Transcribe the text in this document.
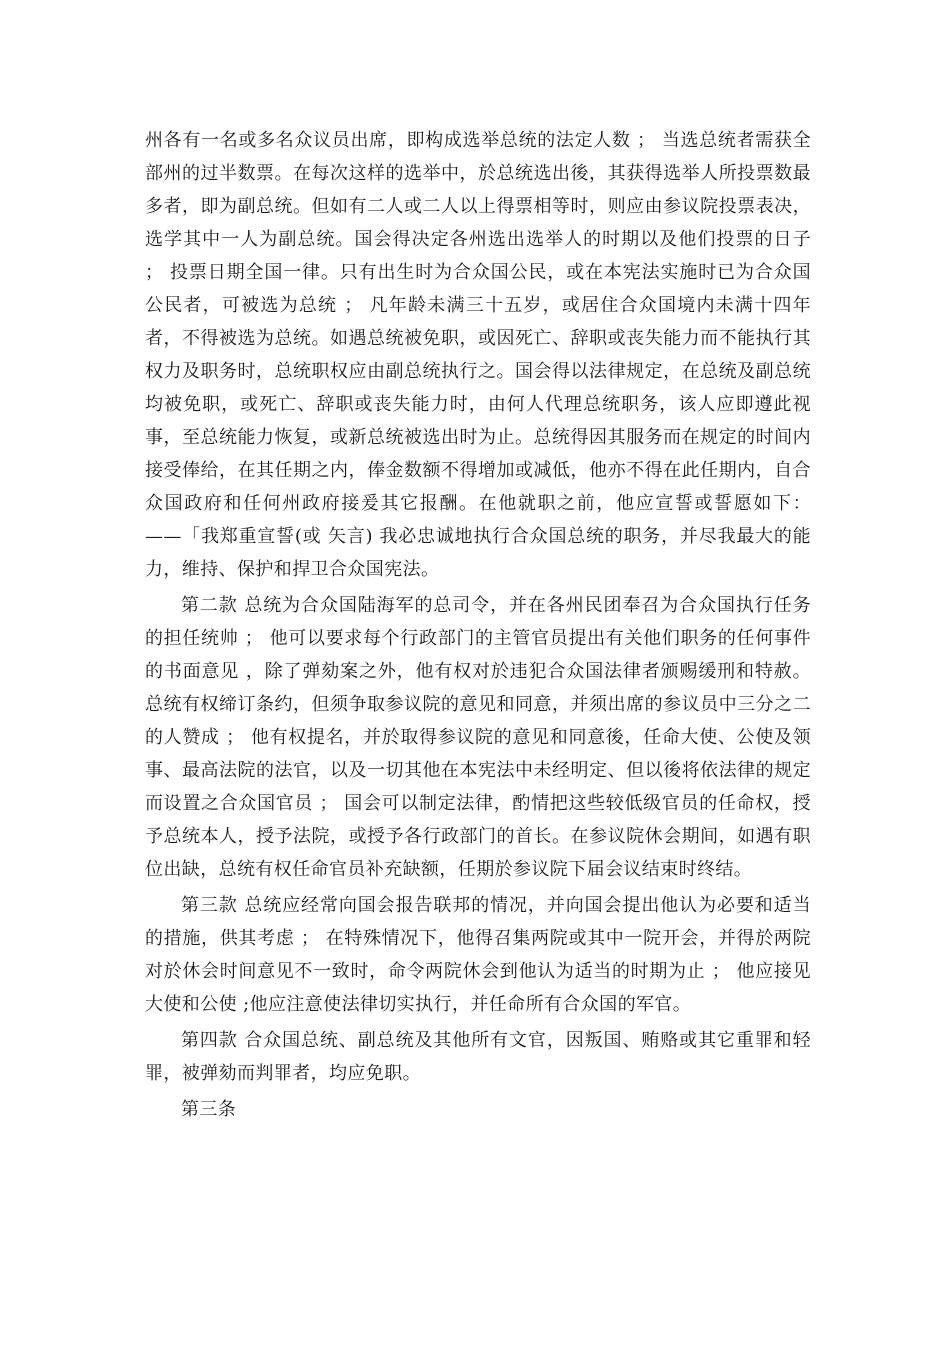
州各有一名或多名众议员出席，即构成选举总统的法定人数 ； 当选总统者需获全部州的过半数票。在每次这样的选举中，於总统选出後，其获得选举人所投票数最多者，即为副总统。但如有二人或二人以上得票相等时，则应由参议院投票表决，选学其中一人为副总统。国会得决定各州选出选举人的时期以及他们投票的日子 ； 投票日期全国一律。只有出生时为合众国公民，或在本宪法实施时已为合众国公民者，可被选为总统 ； 凡年龄未满三十五岁，或居住合众国境内未满十四年者，不得被选为总统。如遇总统被免职，或因死亡、辞职或丧失能力而不能执行其权力及职务时，总统职权应由副总统执行之。国会得以法律规定，在总统及副总统均被免职，或死亡、辞职或丧失能力时，由何人代理总统职务，该人应即遵此视事，至总统能力恢复，或新总统被选出时为止。总统得因其服务而在规定的时间内接受俸给，在其任期之内，俸金数额不得增加或减低，他亦不得在此任期内，自合众国政府和任何州政府接爰其它报酬。在他就职之前，他应宣誓或誓愿如下： ——「我郑重宣誓(或 矢言) 我必忠诚地执行合众国总统的职务，并尽我最大的能力，维持、保护和捍卫合众国宪法。

第二款 总统为合众国陆海军的总司令，并在各州民团奉召为合众国执行任务的担任统帅 ； 他可以要求每个行政部门的主管官员提出有关他们职务的任何事件的书面意见 ，除了弹劾案之外，他有权对於违犯合众国法律者颁赐缓刑和特赦。总统有权缔订条约，但须争取参议院的意见和同意，并须出席的参议员中三分之二的人赞成 ； 他有权提名，并於取得参议院的意见和同意後，任命大使、公使及领事、最高法院的法官，以及一切其他在本宪法中未经明定、但以後将依法律的规定而设置之合众国官员 ； 国会可以制定法律，酌情把这些较低级官员的任命权，授予总统本人，授予法院，或授予各行政部门的首长。在参议院休会期间，如遇有职位出缺，总统有权任命官员补充缺额，任期於参议院下届会议结束时终结。

第三款 总统应经常向国会报告联邦的情况，并向国会提出他认为必要和适当的措施，供其考虑 ； 在特殊情况下，他得召集两院或其中一院开会，并得於两院对於休会时间意见不一致时，命令两院休会到他认为适当的时期为止 ； 他应接见大使和公使 ;他应注意使法律切实执行，并任命所有合众国的军官。

第四款 合众国总统、副总统及其他所有文官，因叛国、贿赂或其它重罪和轻罪，被弹劾而判罪者，均应免职。

第三条
